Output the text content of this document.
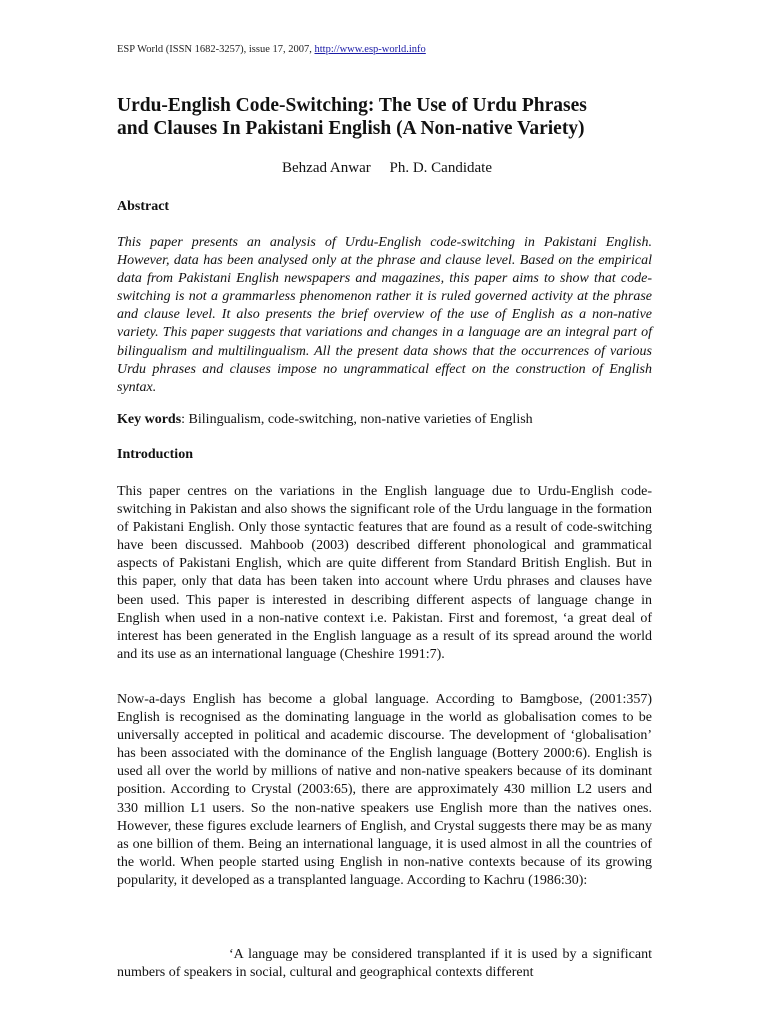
ESP World (ISSN 1682-3257), issue 17, 2007, http://www.esp-world.info
Urdu-English Code-Switching: The Use of Urdu Phrases
and Clauses In Pakistani English (A Non-native Variety)
Behzad Anwar Ph. D. Candidate
Abstract

This paper presents an analysis of Urdu-English code-switching in Pakistani English. However, data has been analysed only at the phrase and clause level. Based on the empirical data from Pakistani English newspapers and magazines, this paper aims to show that code-switching is not a grammarless phenomenon rather it is ruled governed activity at the phrase and clause level. It also presents the brief overview of the use of English as a non-native variety. This paper suggests that variations and changes in a language are an integral part of bilingualism and multilingualism. All the present data shows that the occurrences of various Urdu phrases and clauses impose no ungrammatical effect on the construction of English syntax.

Key words: Bilingualism, code-switching, non-native varieties of English

Introduction

This paper centres on the variations in the English language due to Urdu-English code-switching in Pakistan and also shows the significant role of the Urdu language in the formation of Pakistani English. Only those syntactic features that are found as a result of code-switching have been discussed. Mahboob (2003) described different phonological and grammatical aspects of Pakistani English, which are quite different from Standard British English. But in this paper, only that data has been taken into account where Urdu phrases and clauses have been used. This paper is interested in describing different aspects of language change in English when used in a non-native context i.e. Pakistan. First and foremost, ‘a great deal of interest has been generated in the English language as a result of its spread around the world and its use as an international language (Cheshire 1991:7).

Now-a-days English has become a global language. According to Bamgbose, (2001:357) English is recognised as the dominating language in the world as globalisation comes to be universally accepted in political and academic discourse. The development of ‘globalisation’ has been associated with the dominance of the English language (Bottery 2000:6). English is used all over the world by millions of native and non-native speakers because of its dominant position. According to Crystal (2003:65), there are approximately 430 million L2 users and 330 million L1 users. So the non-native speakers use English more than the natives ones. However, these figures exclude learners of English, and Crystal suggests there may be as many as one billion of them. Being an international language, it is used almost in all the countries of the world. When people started using English in non-native contexts because of its growing popularity, it developed as a transplanted language. According to Kachru (1986:30):

‘A language may be considered transplanted if it is used by a significant numbers of speakers in social, cultural and geographical contexts different
